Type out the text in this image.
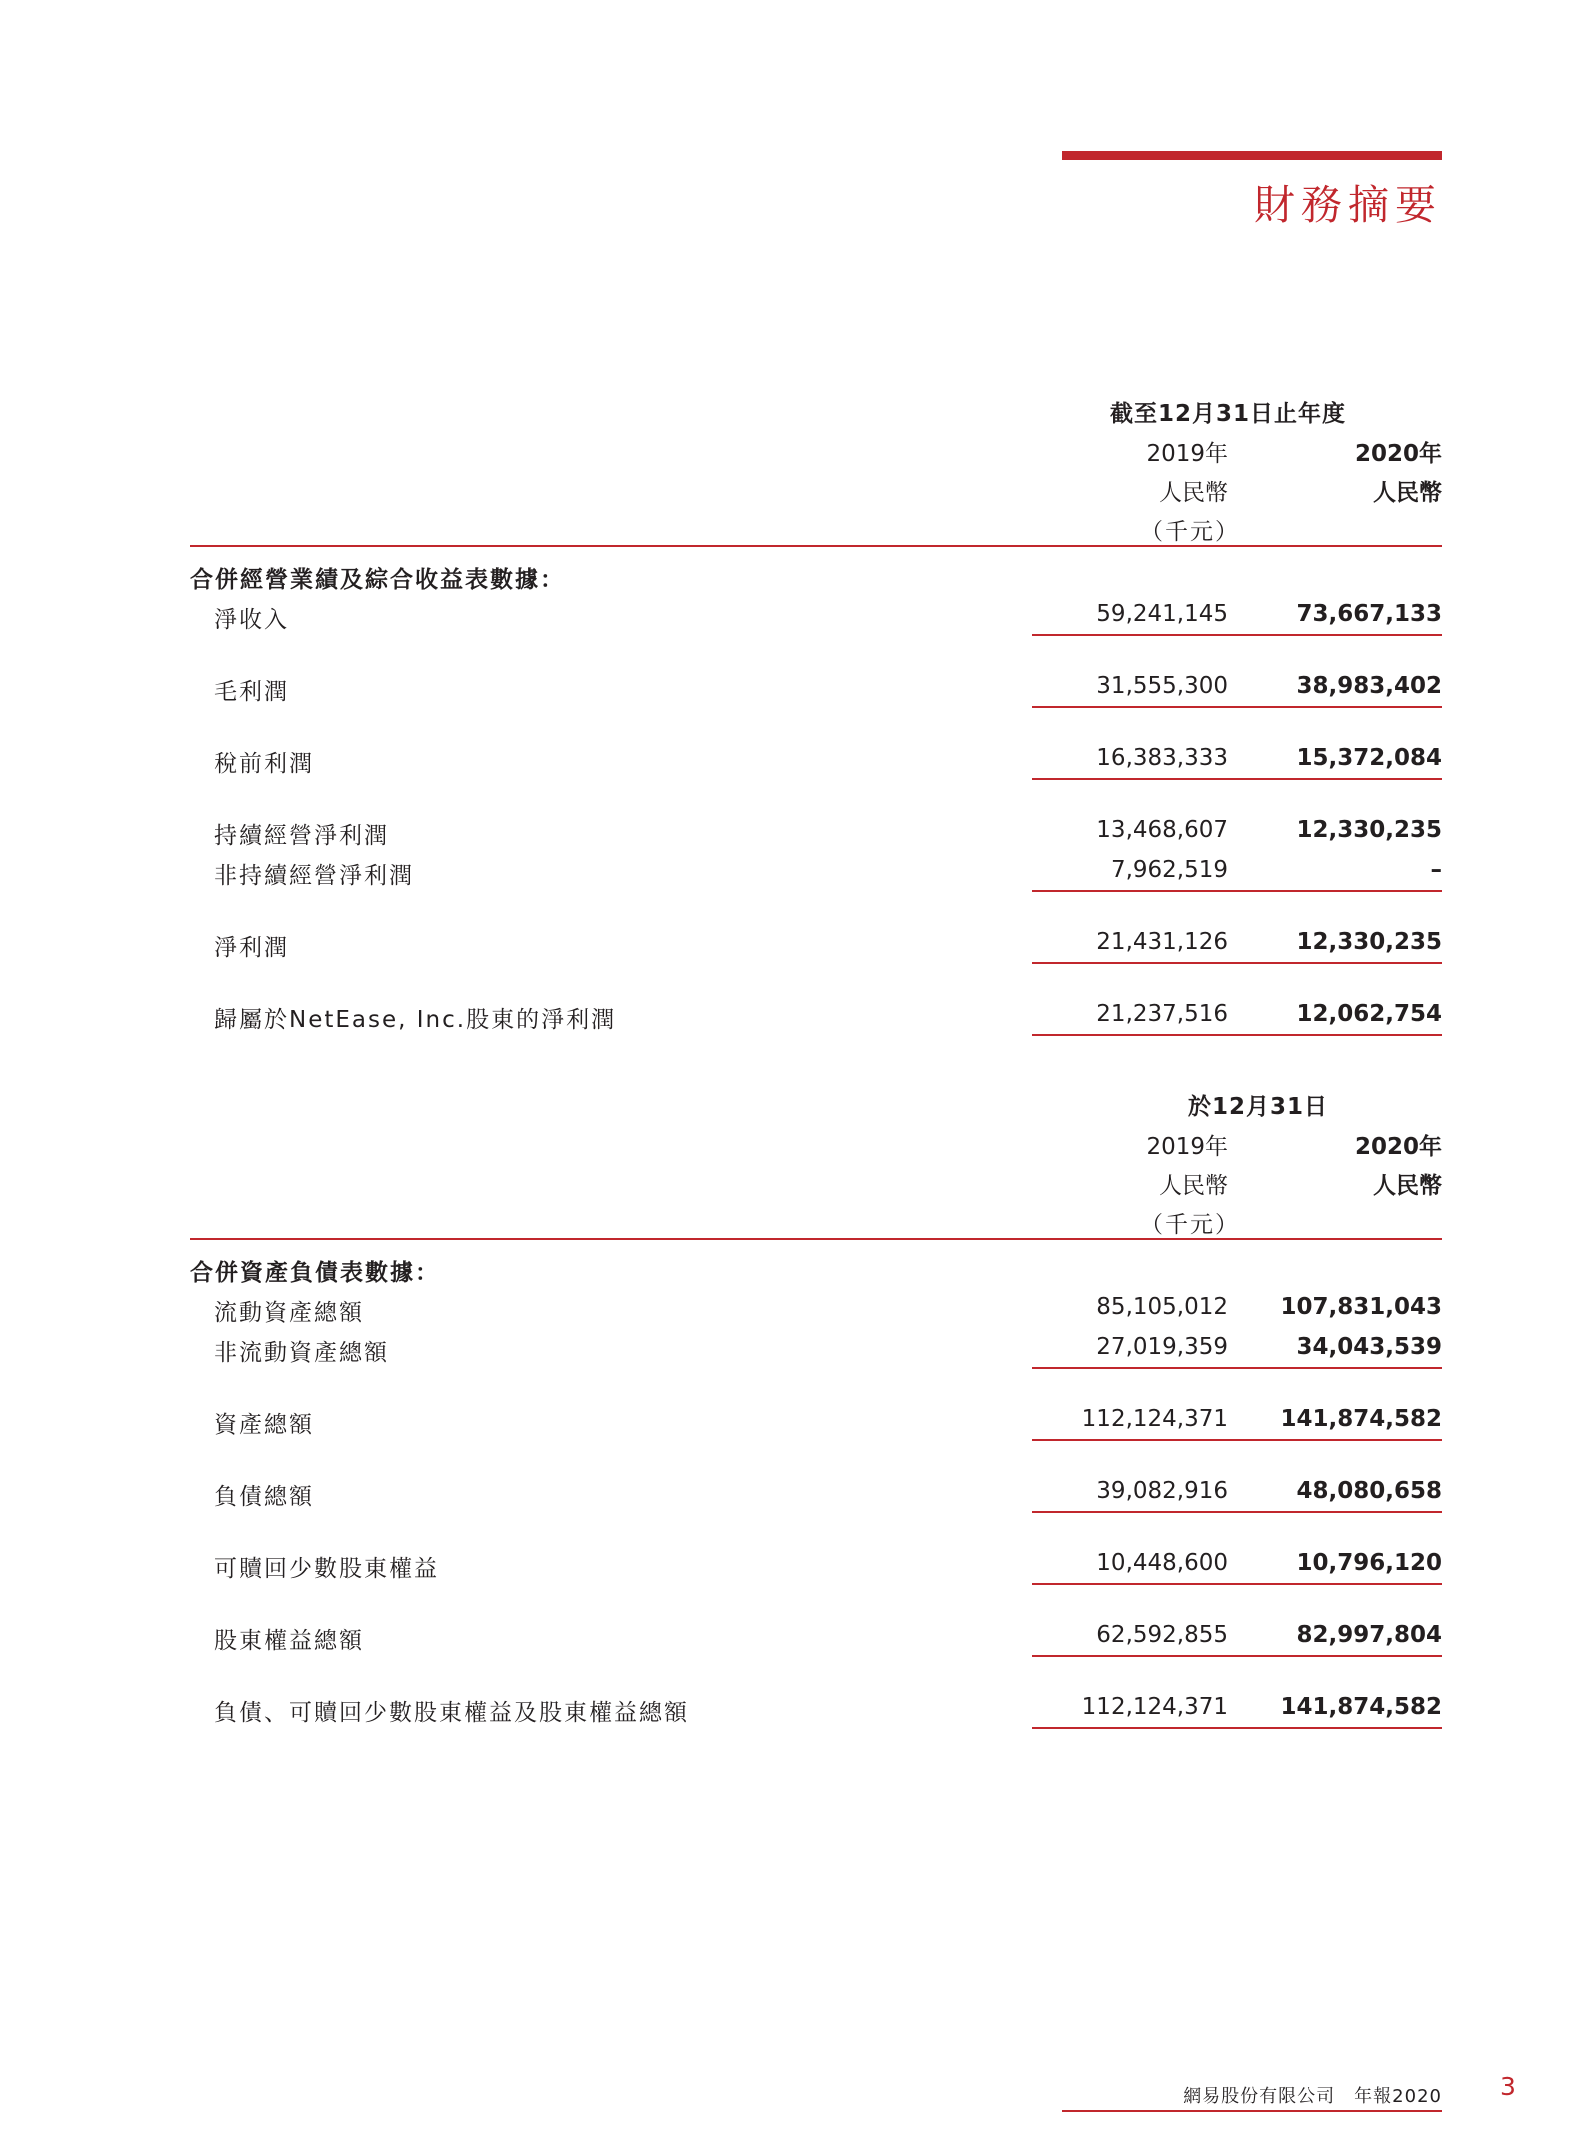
財務摘要
截至12月31日止年度
2019年	2020年
人民幣	人民幣
（千元）
合併經營業績及綜合收益表數據：
淨收入	59,241,145	73,667,133
毛利潤	31,555,300	38,983,402
稅前利潤	16,383,333	15,372,084
持續經營淨利潤	13,468,607	12,330,235
非持續經營淨利潤	7,962,519	–
淨利潤	21,431,126	12,330,235
歸屬於NetEase, Inc.股東的淨利潤	21,237,516	12,062,754
於12月31日
2019年	2020年
人民幣	人民幣
（千元）
合併資產負債表數據：
流動資產總額	85,105,012 107,831,043
非流動資產總額	27,019,359	34,043,539
資產總額	112,124,371 141,874,582
負債總額	39,082,916	48,080,658
可贖回少數股東權益	10,448,600	10,796,120
股東權益總額	62,592,855	82,997,804
負債、可贖回少數股東權益及股東權益總額	112,124,371 141,874,582
網易股份有限公司　年報2020 3
